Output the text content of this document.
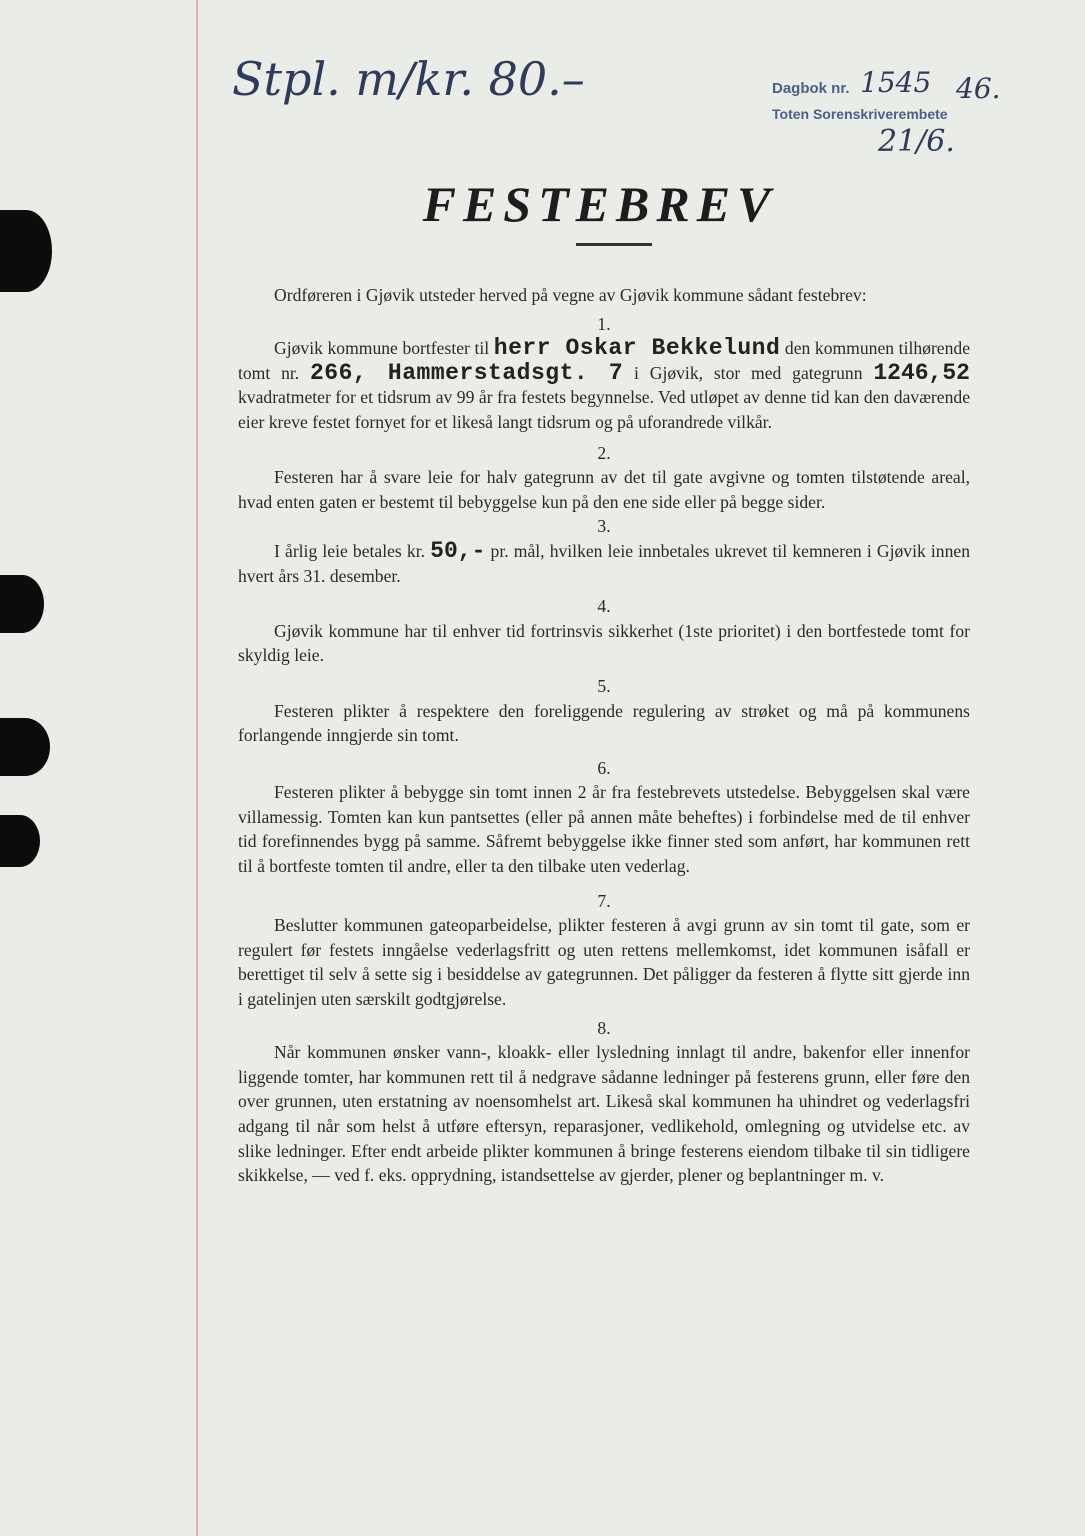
Stpl. m/kr. 80.–	Dagbok nr. 1545 46.
Toten Sorenskriverembete
21/6.
FESTEBREV

Ordføreren i Gjøvik utsteder herved på vegne av Gjøvik kommune sådant festebrev:

1.

Gjøvik kommune bortfester til herr Oskar Bekkelund den kommunen tilhørende tomt nr. 266, Hammerstadsgt. 7 i Gjøvik, stor med gategrunn 1246,52 kvadratmeter for et tidsrum av 99 år fra festets begynnelse. Ved utløpet av denne tid kan den daværende eier kreve festet fornyet for et likeså langt tidsrum og på uforandrede vilkår.

2.

Festeren har å svare leie for halv gategrunn av det til gate avgivne og tomten tilstøtende areal, hvad enten gaten er bestemt til bebyggelse kun på den ene side eller på begge sider.

3.

I årlig leie betales kr. 50,- pr. mål, hvilken leie innbetales ukrevet til kemneren i Gjøvik innen hvert års 31. desember.

4.

Gjøvik kommune har til enhver tid fortrinsvis sikkerhet (1ste prioritet) i den bortfestede tomt for skyldig leie.

5.

Festeren plikter å respektere den foreliggende regulering av strøket og må på kommunens forlangende inngjerde sin tomt.

6.

Festeren plikter å bebygge sin tomt innen 2 år fra festebrevets utstedelse. Bebyggelsen skal være villamessig. Tomten kan kun pantsettes (eller på annen måte beheftes) i forbindelse med de til enhver tid forefinnendes bygg på samme. Såfremt bebyggelse ikke finner sted som anført, har kommunen rett til å bortfeste tomten til andre, eller ta den tilbake uten vederlag.

7.

Beslutter kommunen gateoparbeidelse, plikter festeren å avgi grunn av sin tomt til gate, som er regulert før festets inngåelse vederlagsfritt og uten rettens mellemkomst, idet kommunen isåfall er berettiget til selv å sette sig i besiddelse av gategrunnen. Det påligger da festeren å flytte sitt gjerde inn i gatelinjen uten særskilt godtgjørelse.

8.

Når kommunen ønsker vann-, kloakk- eller lysledning innlagt til andre, bakenfor eller innenfor liggende tomter, har kommunen rett til å nedgrave sådanne ledninger på festerens grunn, eller føre den over grunnen, uten erstatning av noensomhelst art. Likeså skal kommunen ha uhindret og vederlagsfri adgang til når som helst å utføre eftersyn, reparasjoner, vedlikehold, omlegning og utvidelse etc. av slike ledninger. Efter endt arbeide plikter kommunen å bringe festerens eiendom tilbake til sin tidligere skikkelse, — ved f. eks. opprydning, istandsettelse av gjerder, plener og beplantninger m. v.
